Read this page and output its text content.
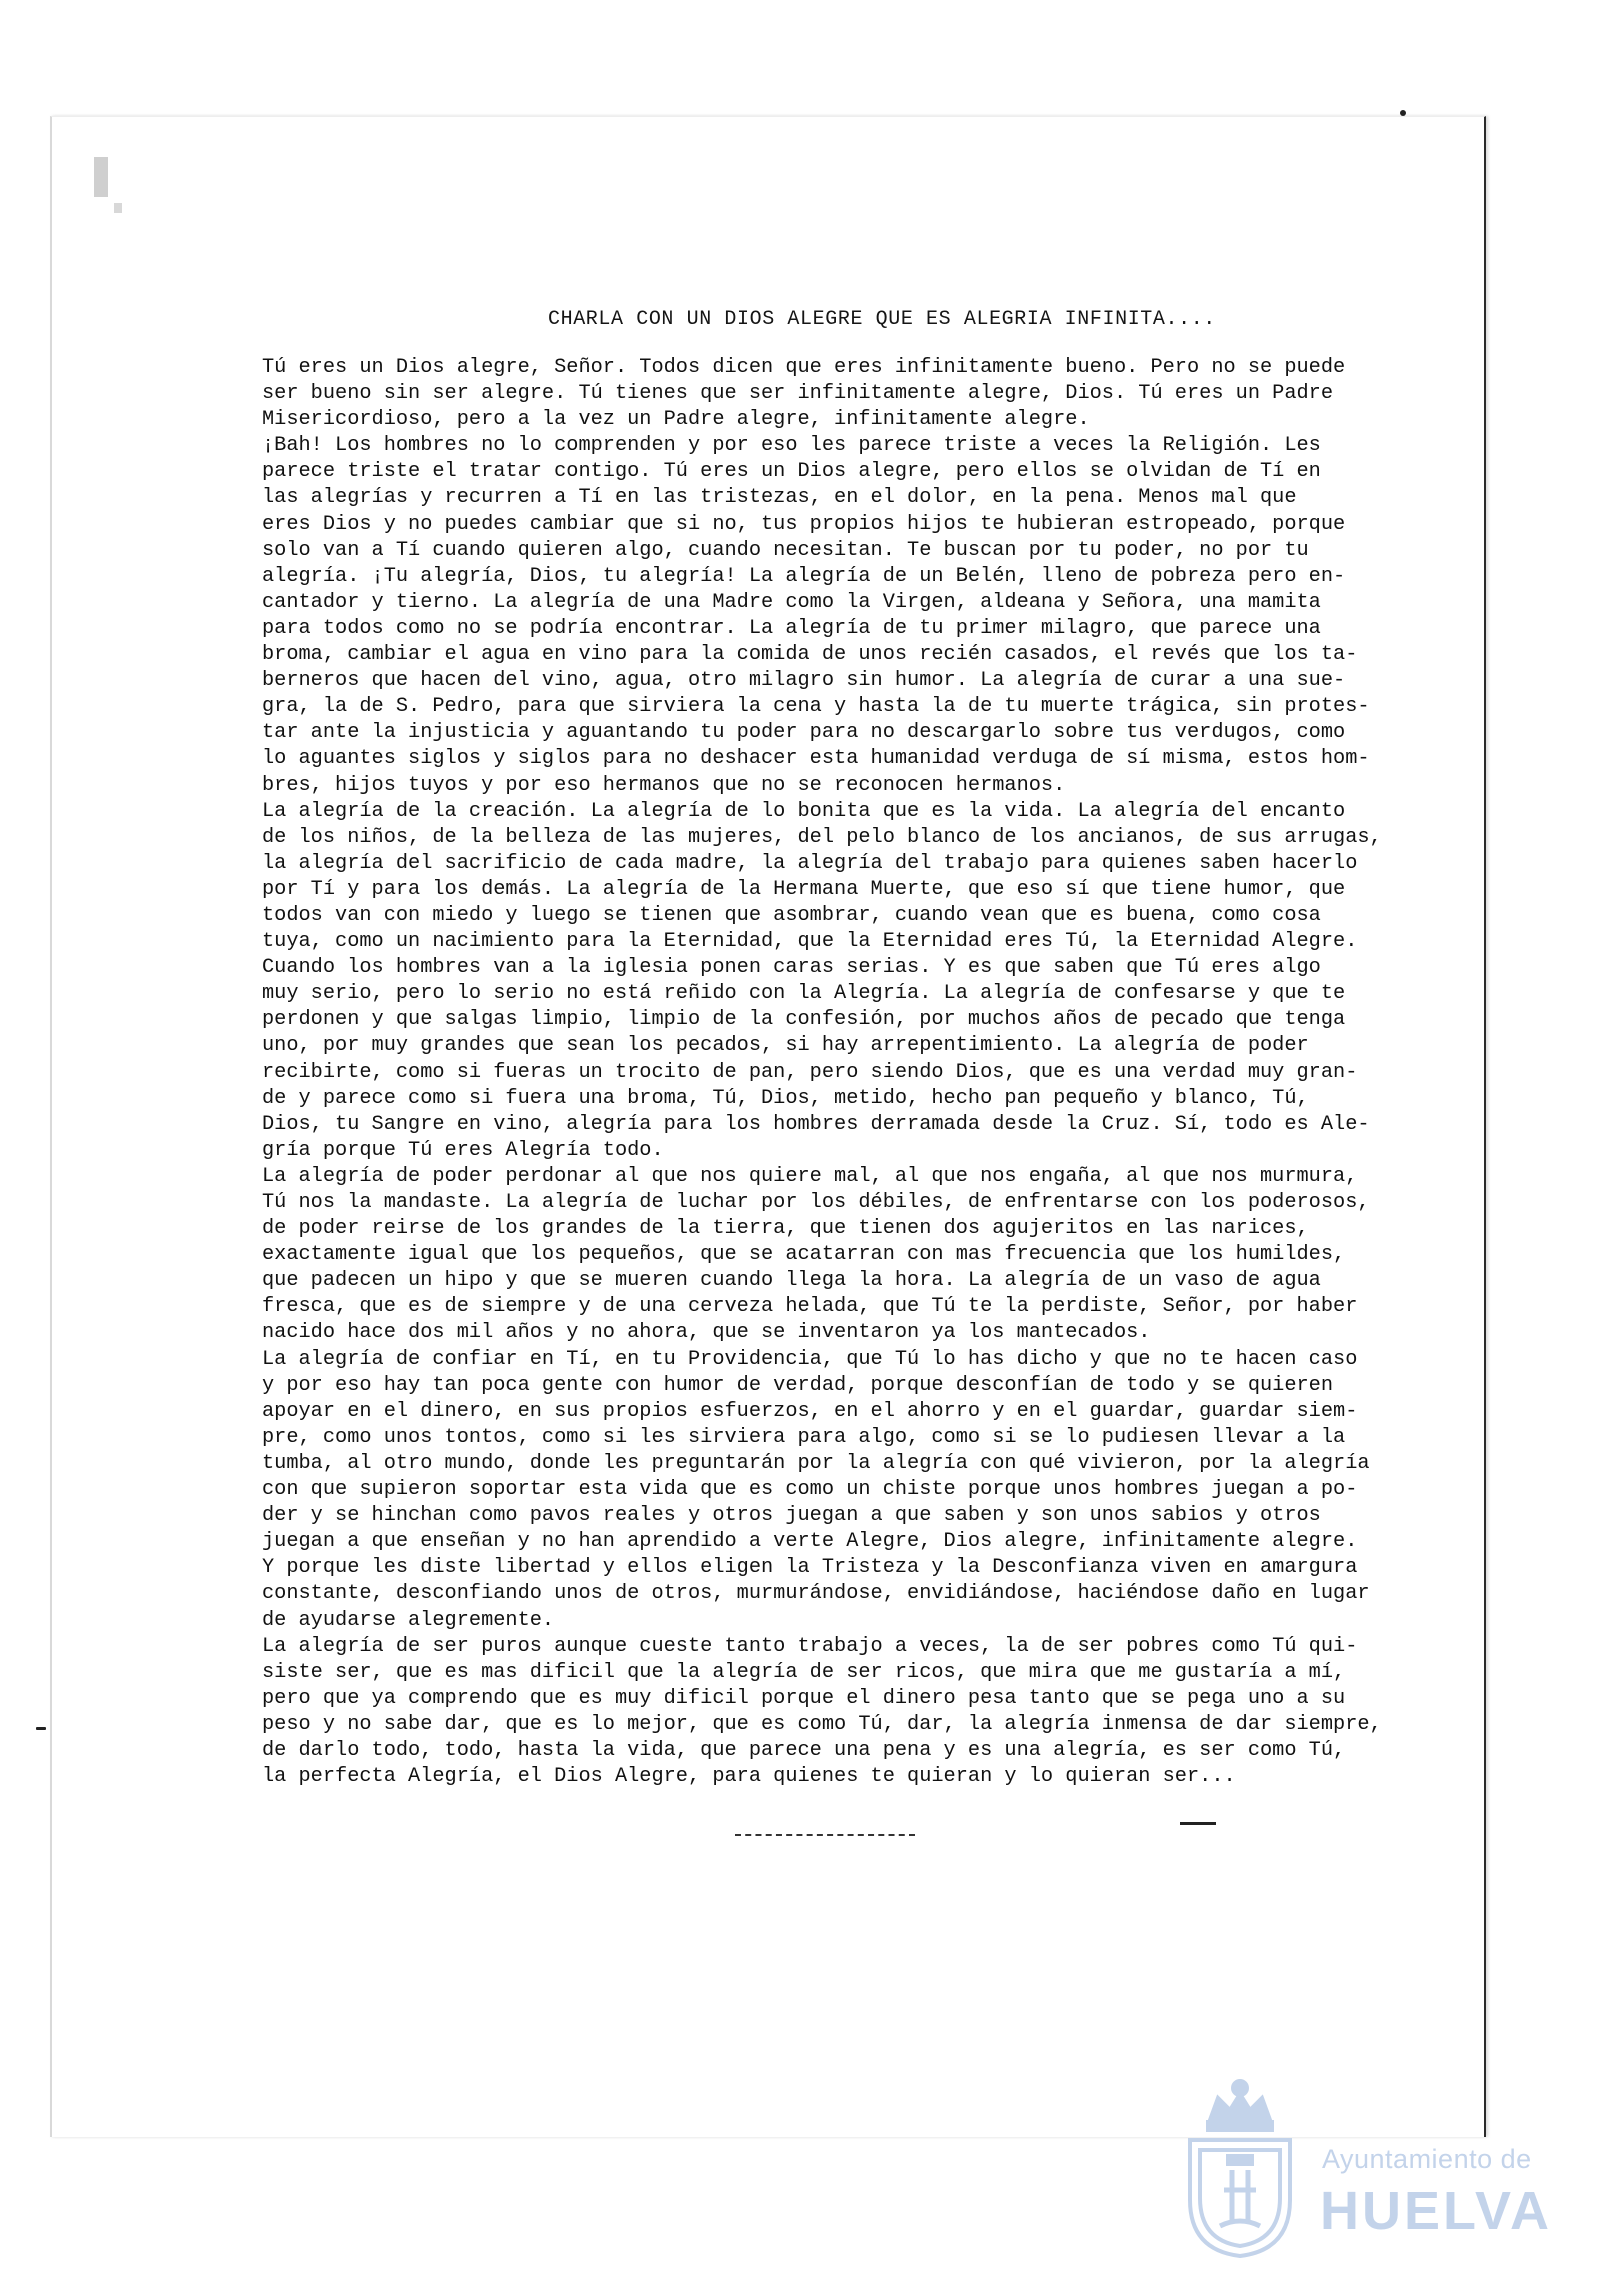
CHARLA CON UN DIOS ALEGRE QUE ES ALEGRIA INFINITA....
Tú eres un Dios alegre, Señor. Todos dicen que eres infinitamente bueno. Pero no se puede
ser bueno sin ser alegre. Tú tienes que ser infinitamente alegre, Dios. Tú eres un Padre
Misericordioso, pero a la vez un Padre alegre, infinitamente alegre.
¡Bah! Los hombres no lo comprenden y por eso les parece triste a veces la Religión. Les
parece triste el tratar contigo. Tú eres un Dios alegre, pero ellos se olvidan de Tí en
las alegrías y recurren a Tí en las tristezas, en el dolor, en la pena. Menos mal que
eres Dios y no puedes cambiar que si no, tus propios hijos te hubieran estropeado, porque
solo van a Tí cuando quieren algo, cuando necesitan. Te buscan por tu poder, no por tu
alegría. ¡Tu alegría, Dios, tu alegría! La alegría de un Belén, lleno de pobreza pero en-
cantador y tierno. La alegría de una Madre como la Virgen, aldeana y Señora, una mamita
para todos como no se podría encontrar. La alegría de tu primer milagro, que parece una
broma, cambiar el agua en vino para la comida de unos recién casados, el revés que los ta-
berneros que hacen del vino, agua, otro milagro sin humor. La alegría de curar a una sue-
gra, la de S. Pedro, para que sirviera la cena y hasta la de tu muerte trágica, sin protes-
tar ante la injusticia y aguantando tu poder para no descargarlo sobre tus verdugos, como
lo aguantes siglos y siglos para no deshacer esta humanidad verduga de sí misma, estos hom-
bres, hijos tuyos y por eso hermanos que no se reconocen hermanos.
La alegría de la creación. La alegría de lo bonita que es la vida. La alegría del encanto
de los niños, de la belleza de las mujeres, del pelo blanco de los ancianos, de sus arrugas,
la alegría del sacrificio de cada madre, la alegría del trabajo para quienes saben hacerlo
por Tí y para los demás. La alegría de la Hermana Muerte, que eso sí que tiene humor, que
todos van con miedo y luego se tienen que asombrar, cuando vean que es buena, como cosa
tuya, como un nacimiento para la Eternidad, que la Eternidad eres Tú, la Eternidad Alegre.
Cuando los hombres van a la iglesia ponen caras serias. Y es que saben que Tú eres algo
muy serio, pero lo serio no está reñido con la Alegría. La alegría de confesarse y que te
perdonen y que salgas limpio, limpio de la confesión, por muchos años de pecado que tenga
uno, por muy grandes que sean los pecados, si hay arrepentimiento. La alegría de poder
recibirte, como si fueras un trocito de pan, pero siendo Dios, que es una verdad muy gran-
de y parece como si fuera una broma, Tú, Dios, metido, hecho pan pequeño y blanco, Tú,
Dios, tu Sangre en vino, alegría para los hombres derramada desde la Cruz. Sí, todo es Ale-
gría porque Tú eres Alegría todo.
La alegría de poder perdonar al que nos quiere mal, al que nos engaña, al que nos murmura,
Tú nos la mandaste. La alegría de luchar por los débiles, de enfrentarse con los poderosos,
de poder reirse de los grandes de la tierra, que tienen dos agujeritos en las narices,
exactamente igual que los pequeños, que se acatarran con mas frecuencia que los humildes,
que padecen un hipo y que se mueren cuando llega la hora. La alegría de un vaso de agua
fresca, que es de siempre y de una cerveza helada, que Tú te la perdiste, Señor, por haber
nacido hace dos mil años y no ahora, que se inventaron ya los mantecados.
La alegría de confiar en Tí, en tu Providencia, que Tú lo has dicho y que no te hacen caso
y por eso hay tan poca gente con humor de verdad, porque desconfían de todo y se quieren
apoyar en el dinero, en sus propios esfuerzos, en el ahorro y en el guardar, guardar siem-
pre, como unos tontos, como si les sirviera para algo, como si se lo pudiesen llevar a la
tumba, al otro mundo, donde les preguntarán por la alegría con qué vivieron, por la alegría
con que supieron soportar esta vida que es como un chiste porque unos hombres juegan a po-
der y se hinchan como pavos reales y otros juegan a que saben y son unos sabios y otros
juegan a que enseñan y no han aprendido a verte Alegre, Dios alegre, infinitamente alegre.
Y porque les diste libertad y ellos eligen la Tristeza y la Desconfianza viven en amargura
constante, desconfiando unos de otros, murmurándose, envidiándose, haciéndose daño en lugar
de ayudarse alegremente.
La alegría de ser puros aunque cueste tanto trabajo a veces, la de ser pobres como Tú qui-
siste ser, que es mas dificil que la alegría de ser ricos, que mira que me gustaría a mí,
pero que ya comprendo que es muy dificil porque el dinero pesa tanto que se pega uno a su
peso y no sabe dar, que es lo mejor, que es como Tú, dar, la alegría inmensa de dar siempre,
de darlo todo, todo, hasta la vida, que parece una pena y es una alegría, es ser como Tú,
la perfecta Alegría, el Dios Alegre, para quienes te quieran y lo quieran ser...
Ayuntamiento de
HUELVA
